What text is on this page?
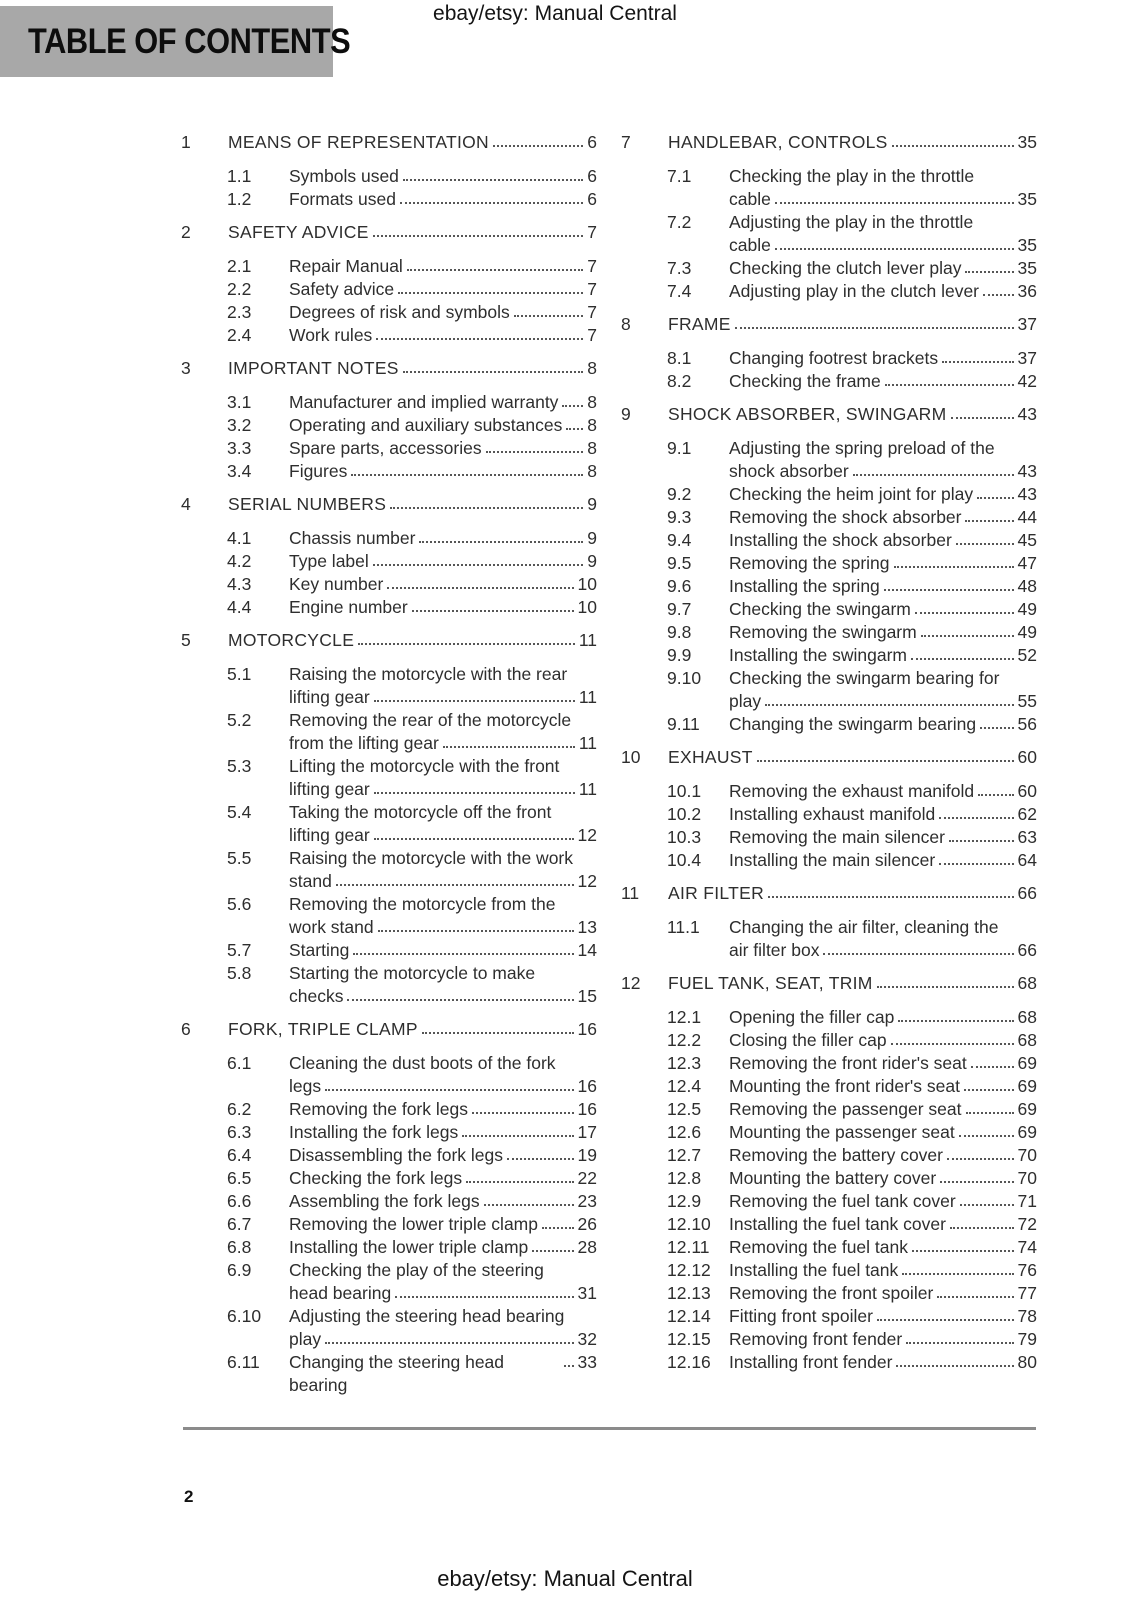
ebay/etsy: Manual Central
TABLE OF CONTENTS
1	MEANS OF REPRESENTATION	6
1.1	Symbols used	6
1.2	Formats used	6
2	SAFETY ADVICE	7
2.1	Repair Manual	7
2.2	Safety advice	7
2.3	Degrees of risk and symbols	7
2.4	Work rules	7
3	IMPORTANT NOTES	8
3.1	Manufacturer and implied warranty 8
3.2	Operating and auxiliary substances 8
3.3	Spare parts, accessories	8
3.4	Figures	8
4	SERIAL NUMBERS	9
4.1	Chassis number	9
4.2	Type label	9
4.3	Key number	10
4.4	Engine number	10
5	MOTORCYCLE	11
5.1	Raising the motorcycle with the rear
lifting gear	11
5.2	Removing the rear of the motorcycle
from the lifting gear	11
5.3	Lifting the motorcycle with the front
lifting gear	11
5.4	Taking the motorcycle off the front
lifting gear	12
5.5	Raising the motorcycle with the work
stand	12
5.6	Removing the motorcycle from the
work stand	13
5.7	Starting	14
5.8	Starting the motorcycle to make
checks	15
6	FORK, TRIPLE CLAMP	16
6.1	Cleaning the dust boots of the fork
legs	16
6.2	Removing the fork legs	16
6.3	Installing the fork legs	17
6.4	Disassembling the fork legs	19
6.5	Checking the fork legs	22
6.6	Assembling the fork legs	23
6.7	Removing the lower triple clamp 26
6.8	Installing the lower triple clamp	28
6.9	Checking the play of the steering
head bearing	31
6.10	Adjusting the steering head bearing
play	32
6.11	Changing the steering head bearing
33
7	HANDLEBAR, CONTROLS	35
7.1	Checking the play in the throttle
cable	35
7.2	Adjusting the play in the throttle
cable	35
7.3	Checking the clutch lever play	35
7.4	Adjusting play in the clutch lever 36
8	FRAME	37
8.1	Changing footrest brackets	37
8.2	Checking the frame	42
9	SHOCK ABSORBER, SWINGARM	43
9.1	Adjusting the spring preload of the
shock absorber	43
9.2	Checking the heim joint for play	43
9.3	Removing the shock absorber	44
9.4	Installing the shock absorber	45
9.5	Removing the spring	47
9.6	Installing the spring	48
9.7	Checking the swingarm	49
9.8	Removing the swingarm	49
9.9	Installing the swingarm	52
9.10	Checking the swingarm bearing for
play	55
9.11	Changing the swingarm bearing 56
10	EXHAUST	60
10.1	Removing the exhaust manifold 60
10.2	Installing exhaust manifold	62
10.3	Removing the main silencer	63
10.4	Installing the main silencer	64
11	AIR FILTER	66
11.1	Changing the air filter, cleaning the
air filter box	66
12	FUEL TANK, SEAT, TRIM	68
12.1	Opening the filler cap	68
12.2	Closing the filler cap	68
12.3	Removing the front rider's seat	69
12.4	Mounting the front rider's seat	69
12.5	Removing the passenger seat	69
12.6	Mounting the passenger seat	69
12.7	Removing the battery cover	70
12.8	Mounting the battery cover	70
12.9	Removing the fuel tank cover	71
12.10	Installing the fuel tank cover	72
12.11	Removing the fuel tank	74
12.12	Installing the fuel tank	76
12.13	Removing the front spoiler	77
12.14	Fitting front spoiler	78
12.15	Removing front fender	79
12.16	Installing front fender	80
2
ebay/etsy: Manual Central
